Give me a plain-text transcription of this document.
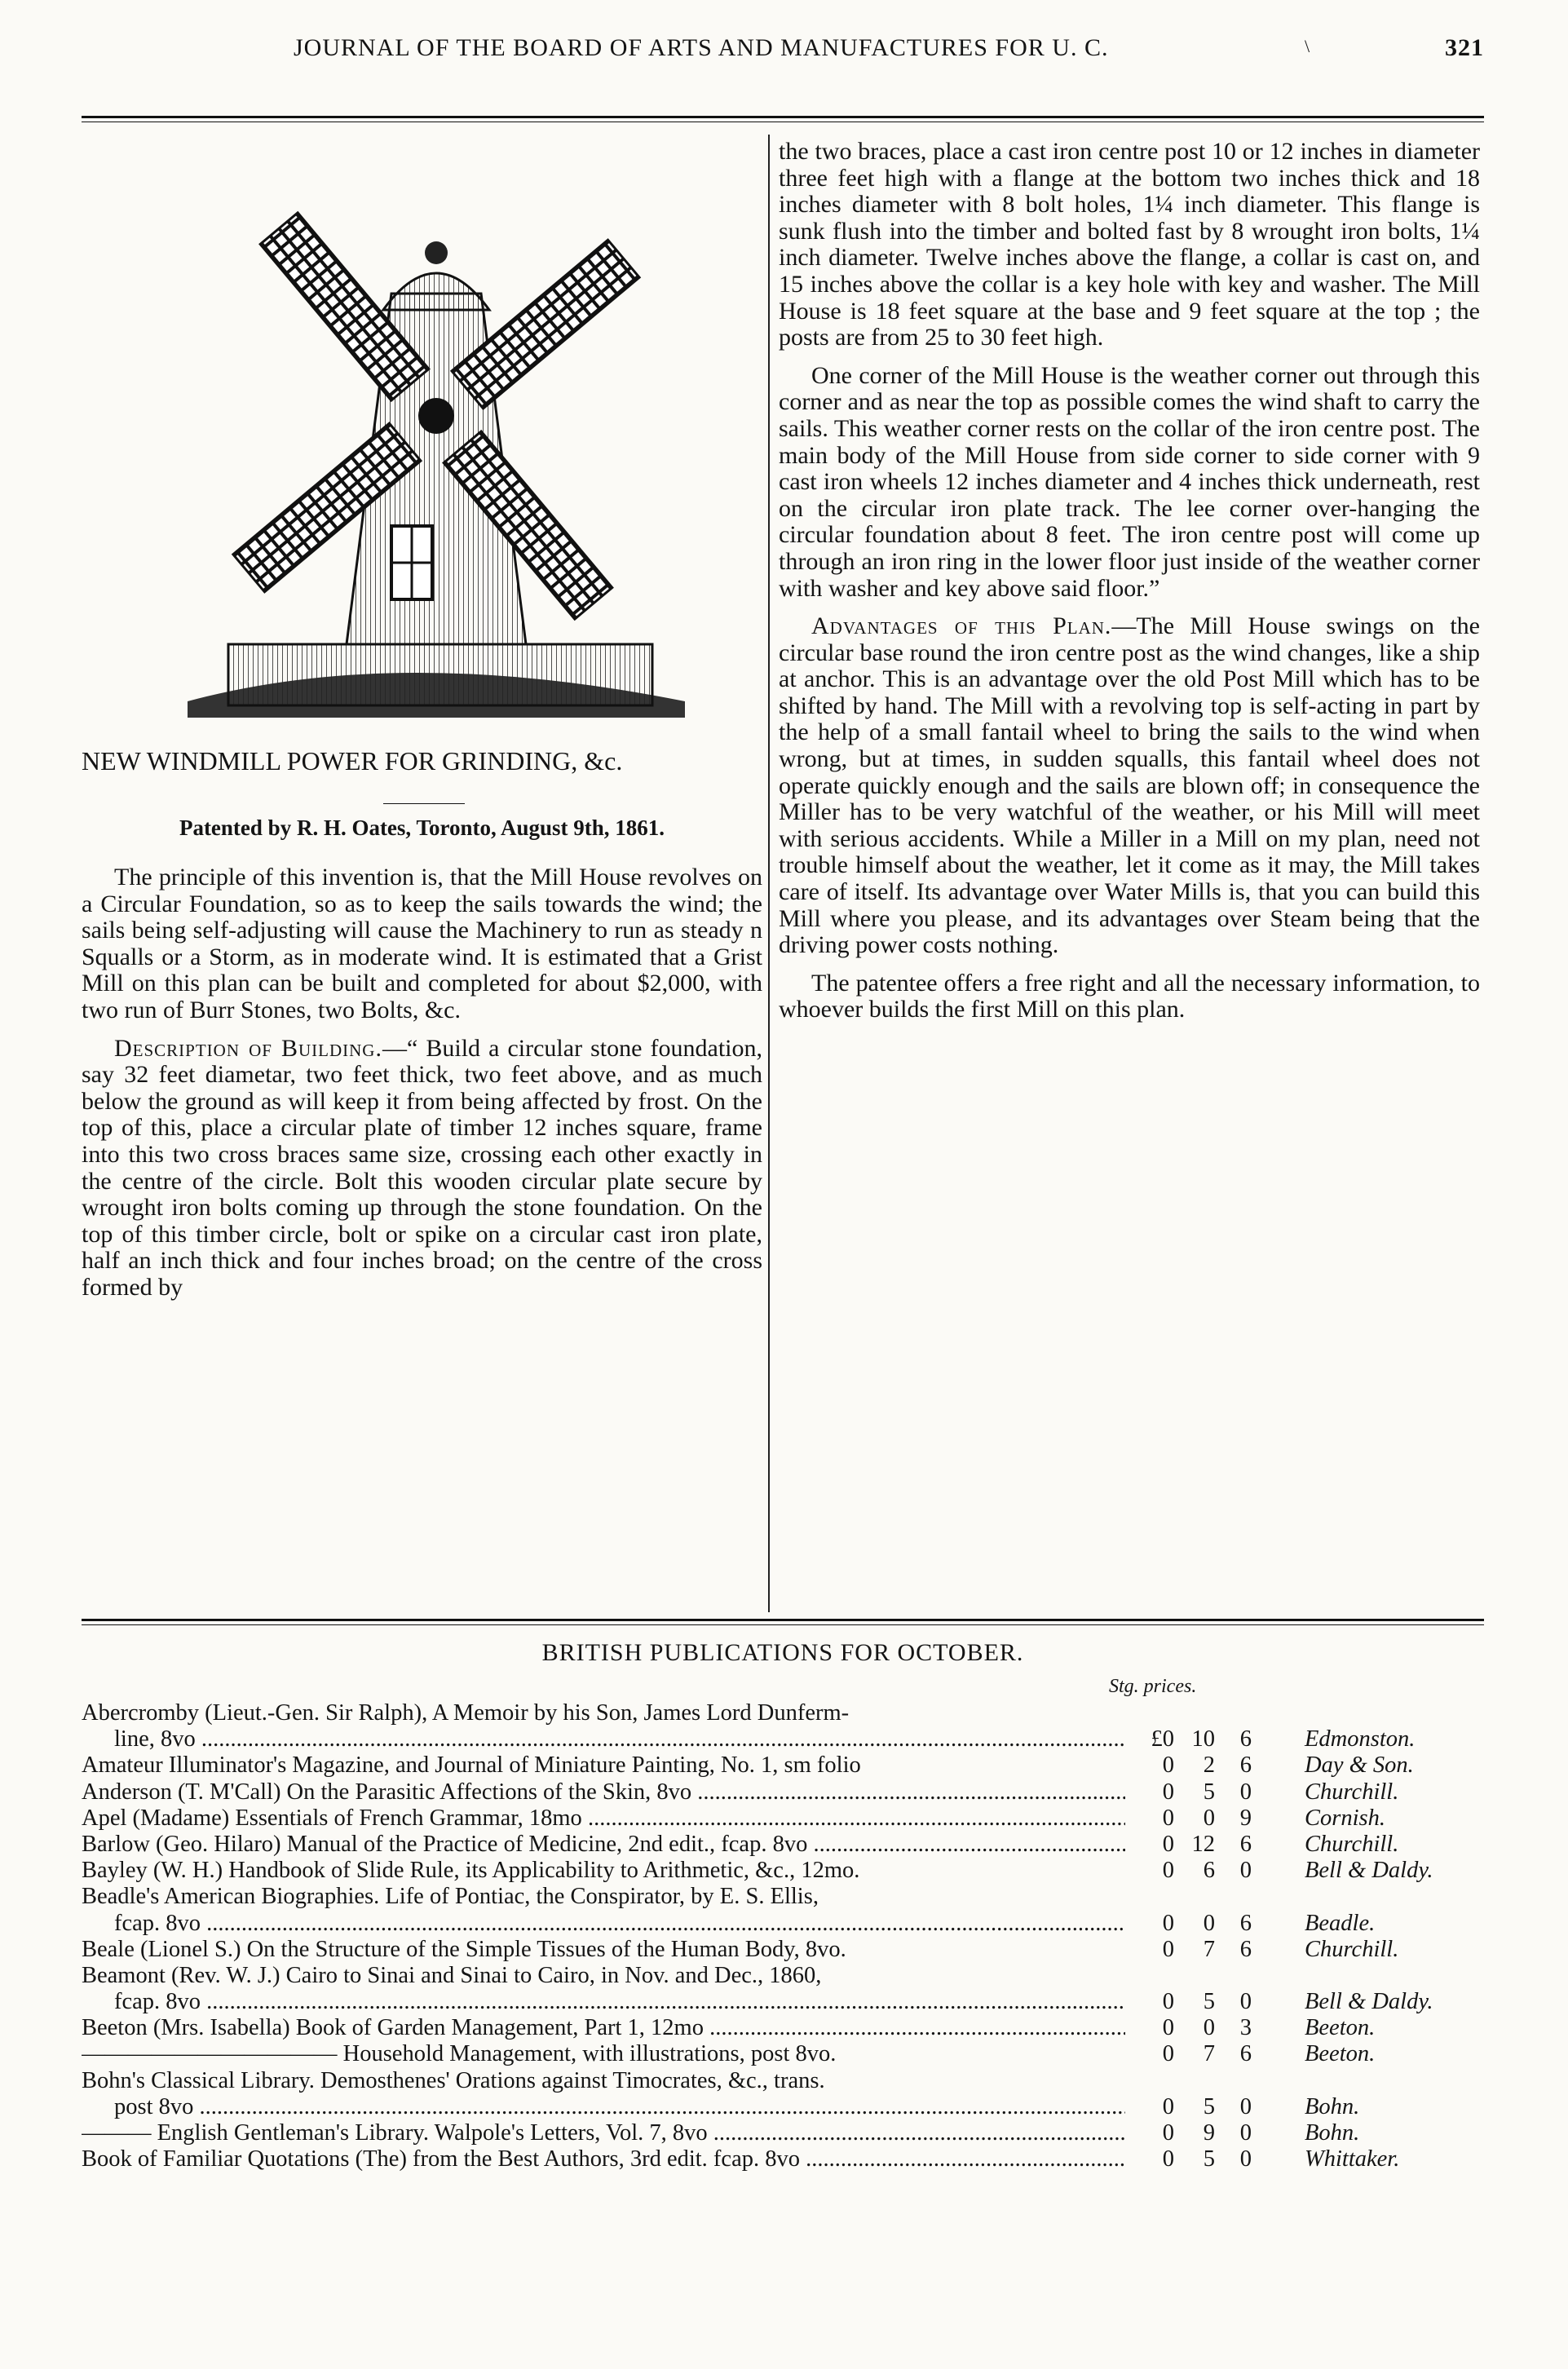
JOURNAL OF THE BOARD OF ARTS AND MANUFACTURES FOR U. C.	\	321
NEW WINDMILL POWER FOR GRINDING, &c.
Patented by R. H. Oates, Toronto, August 9th, 1861.

The principle of this invention is, that the Mill House revolves on a Circular Foundation, so as to keep the sails towards the wind; the sails being self-adjusting will cause the Machinery to run as steady n Squalls or a Storm, as in moderate wind. It is estimated that a Grist Mill on this plan can be built and completed for about $2,000, with two run of Burr Stones, two Bolts, &c.

Description of Building.—“ Build a circular stone foundation, say 32 feet diametar, two feet thick, two feet above, and as much below the ground as will keep it from being affected by frost. On the top of this, place a circular plate of timber 12 inches square, frame into this two cross braces same size, crossing each other exactly in the centre of the circle. Bolt this wooden circular plate secure by wrought iron bolts coming up through the stone foundation. On the top of this timber circle, bolt or spike on a circular cast iron plate, half an inch thick and four inches broad; on the centre of the cross formed by

the two braces, place a cast iron centre post 10 or 12 inches in diameter three feet high with a flange at the bottom two inches thick and 18 inches diameter with 8 bolt holes, 1¼ inch diameter. This flange is sunk flush into the timber and bolted fast by 8 wrought iron bolts, 1¼ inch diameter. Twelve inches above the flange, a collar is cast on, and 15 inches above the collar is a key hole with key and washer. The Mill House is 18 feet square at the base and 9 feet square at the top ; the posts are from 25 to 30 feet high.

One corner of the Mill House is the weather corner out through this corner and as near the top as possible comes the wind shaft to carry the sails. This weather corner rests on the collar of the iron centre post. The main body of the Mill House from side corner to side corner with 9 cast iron wheels 12 inches diameter and 4 inches thick underneath, rest on the circular iron plate track. The lee corner over-hanging the circular foundation about 8 feet. The iron centre post will come up through an iron ring in the lower floor just inside of the weather corner with washer and key above said floor.”

Advantages of this Plan.—The Mill House swings on the circular base round the iron centre post as the wind changes, like a ship at anchor. This is an advantage over the old Post Mill which has to be shifted by hand. The Mill with a revolving top is self-acting in part by the help of a small fantail wheel to bring the sails to the wind when wrong, but at times, in sudden squalls, this fantail wheel does not operate quickly enough and the sails are blown off; in consequence the Miller has to be very watchful of the weather, or his Mill will meet with serious accidents. While a Miller in a Mill on my plan, need not trouble himself about the weather, let it come as it may, the Mill takes care of itself. Its advantage over Water Mills is, that you can build this Mill where you please, and its advantages over Steam being that the driving power costs nothing.

The patentee offers a free right and all the necessary information, to whoever builds the first Mill on this plan.

BRITISH PUBLICATIONS FOR OCTOBER.
Stg. prices.
Abercromby (Lieut.-Gen. Sir Ralph), A Memoir by his Son, James Lord Dunferm-
line, 8vo .....	£0 10 6	Edmonston.
Amateur Illuminator's Magazine, and Journal of Miniature Painting, No. 1, sm folio	0 2 6	Day & Son.
Anderson (T. M'Call) On the Parasitic Affections of the Skin, 8vo .....	0 5 0	Churchill.
Apel (Madame) Essentials of French Grammar, 18mo .....	0 0 9	Cornish.
Barlow (Geo. Hilaro) Manual of the Practice of Medicine, 2nd edit., fcap. 8vo .....	0 12 6	Churchill.
Bayley (W. H.) Handbook of Slide Rule, its Applicability to Arithmetic, &c., 12mo.	0 6 0	Bell & Daldy.
Beadle's American Biographies. Life of Pontiac, the Conspirator, by E. S. Ellis,
fcap. 8vo .....	0 0 6	Beadle.
Beale (Lionel S.) On the Structure of the Simple Tissues of the Human Body, 8vo.	0 7 6	Churchill.
Beamont (Rev. W. J.) Cairo to Sinai and Sinai to Cairo, in Nov. and Dec., 1860,
fcap. 8vo .....	0 5 0	Bell & Daldy.
Beeton (Mrs. Isabella) Book of Garden Management, Part 1, 12mo .....	0 0 3	Beeton.
——————————— Household Management, with illustrations, post 8vo.	0 7 6	Beeton.
Bohn's Classical Library. Demosthenes' Orations against Timocrates, &c., trans.
post 8vo .....	0 5 0	Bohn.
——— English Gentleman's Library. Walpole's Letters, Vol. 7, 8vo .....	0 9 0	Bohn.
Book of Familiar Quotations (The) from the Best Authors, 3rd edit. fcap. 8vo .....	0 5 0	Whittaker.
